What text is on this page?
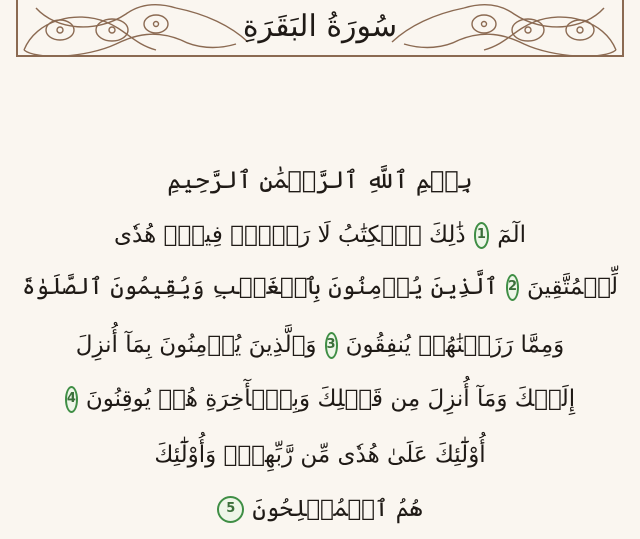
سُورَةُ البَقَرَةِ
بِسۡمِ ٱللَّهِ ٱلرَّحۡمَٰنِ ٱلرَّحِيمِ
الٓمٓ
1
ذَٰلِكَ ٱلۡكِتَٰبُ لَا رَيۡبَۛ فِيهِۛ هُدٗى
لِّلۡمُتَّقِينَ
2
ٱلَّذِينَ يُؤۡمِنُونَ بِٱلۡغَيۡبِ وَيُقِيمُونَ ٱلصَّلَوٰةَ
وَمِمَّا رَزَقۡنَٰهُمۡ يُنفِقُونَ
3
وَٱلَّذِينَ يُؤۡمِنُونَ بِمَآ أُنزِلَ
إِلَيۡكَ وَمَآ أُنزِلَ مِن قَبۡلِكَ وَبِٱلۡأٓخِرَةِ هُمۡ يُوقِنُونَ
4
أُوْلَٰٓئِكَ عَلَىٰ هُدٗى مِّن رَّبِّهِمۡۖ وَأُوْلَٰٓئِكَ
هُمُ ٱلۡمُفۡلِحُونَ
5
